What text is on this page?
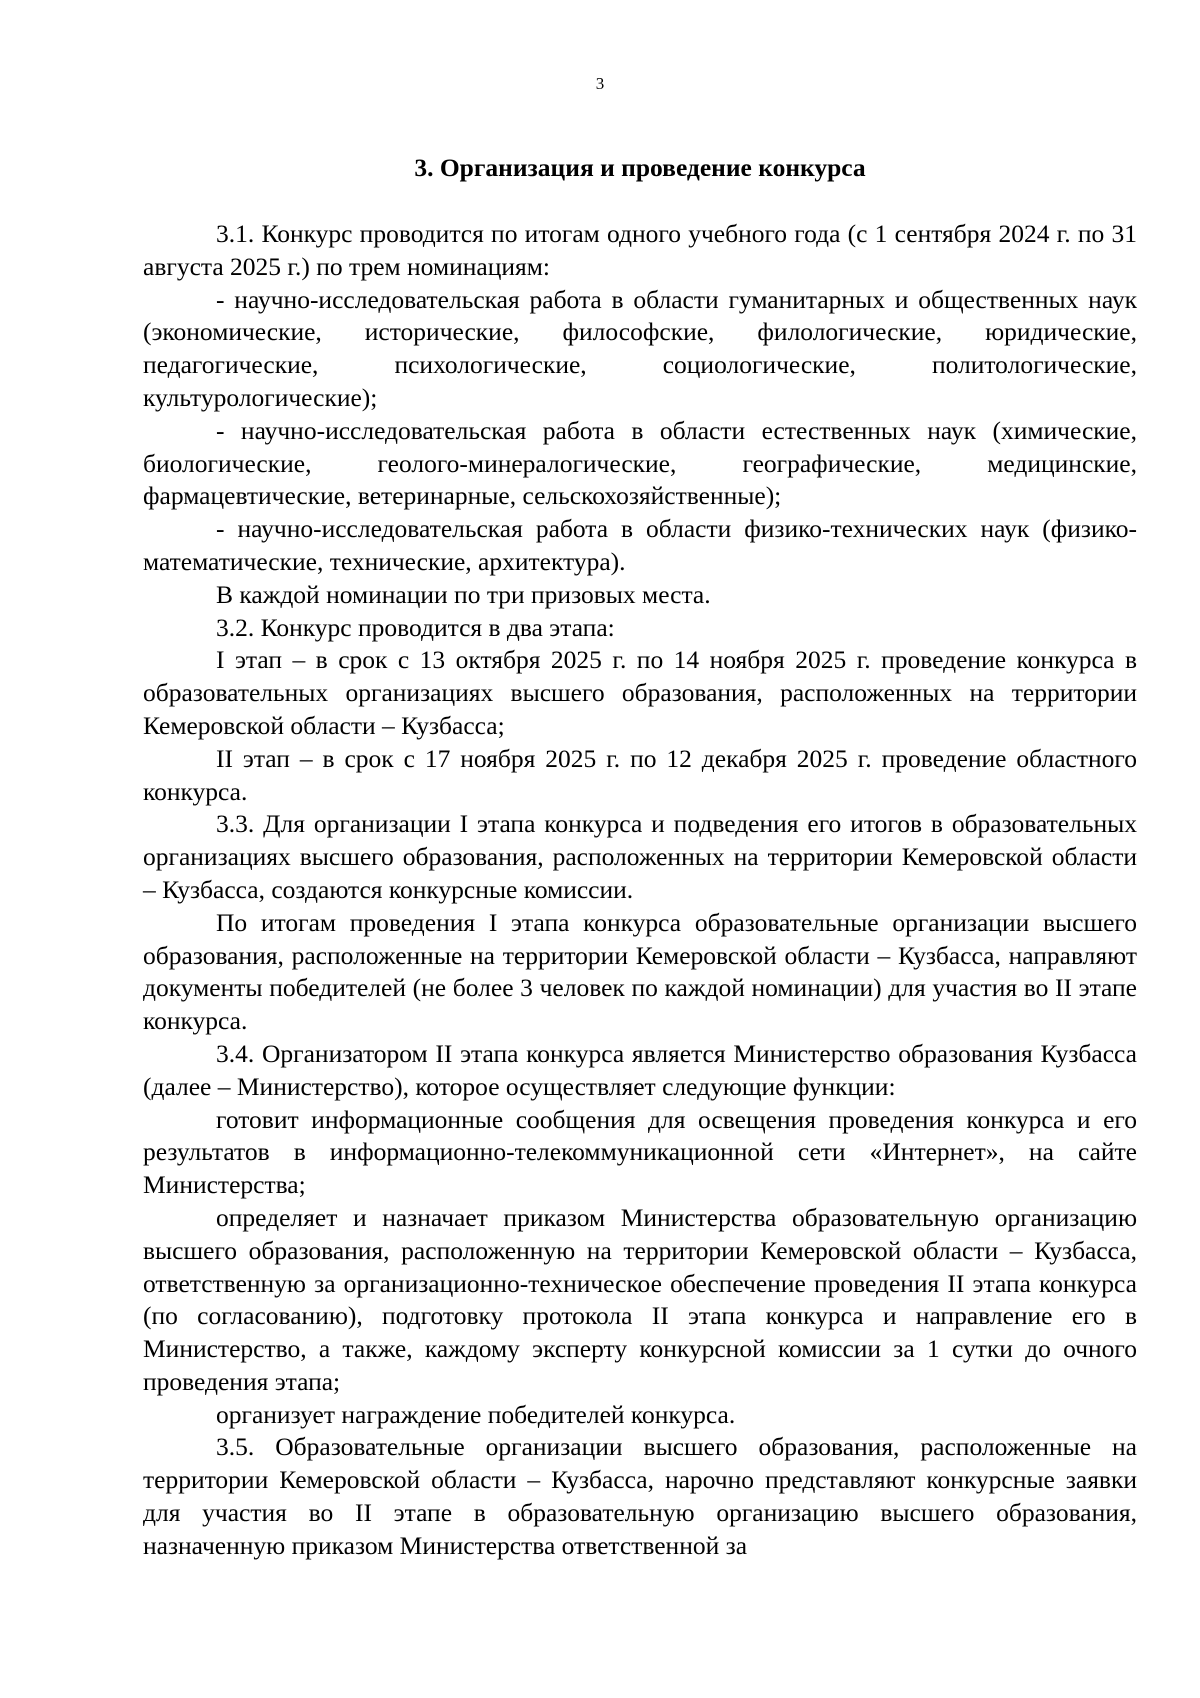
3
3. Организация и проведение конкурса

3.1. Конкурс проводится по итогам одного учебного года (с 1 сентября 2024 г. по 31 августа 2025 г.) по трем номинациям:

- научно-исследовательская работа в области гуманитарных и общественных наук (экономические, исторические, философские, филологические, юридические, педагогические, психологические, социологические, политологические, культурологические);

- научно-исследовательская работа в области естественных наук (химические, биологические, геолого-минералогические, географические, медицинские, фармацевтические, ветеринарные, сельскохозяйственные);

- научно-исследовательская работа в области физико-технических наук (физико-математические, технические, архитектура).

В каждой номинации по три призовых места.

3.2. Конкурс проводится в два этапа:

I этап – в срок с 13 октября 2025 г. по 14 ноября 2025 г. проведение конкурса в образовательных организациях высшего образования, расположенных на территории Кемеровской области – Кузбасса;

II этап – в срок с 17 ноября 2025 г. по 12 декабря 2025 г. проведение областного конкурса.

3.3. Для организации I этапа конкурса и подведения его итогов в образовательных организациях высшего образования, расположенных на территории Кемеровской области – Кузбасса, создаются конкурсные комиссии.

По итогам проведения I этапа конкурса образовательные организации высшего образования, расположенные на территории Кемеровской области – Кузбасса, направляют документы победителей (не более 3 человек по каждой номинации) для участия во II этапе конкурса.

3.4. Организатором II этапа конкурса является Министерство образования Кузбасса (далее – Министерство), которое осуществляет следующие функции:

готовит информационные сообщения для освещения проведения конкурса и его результатов в информационно-телекоммуникационной сети «Интернет», на сайте Министерства;

определяет и назначает приказом Министерства образовательную организацию высшего образования, расположенную на территории Кемеровской области – Кузбасса, ответственную за организационно-техническое обеспечение проведения II этапа конкурса (по согласованию), подготовку протокола II этапа конкурса и направление его в Министерство, а также, каждому эксперту конкурсной комиссии за 1 сутки до очного проведения этапа;

организует награждение победителей конкурса.

3.5. Образовательные организации высшего образования, расположенные на территории Кемеровской области – Кузбасса, нарочно представляют конкурсные заявки для участия во II этапе в образовательную организацию высшего образования, назначенную приказом Министерства ответственной за
